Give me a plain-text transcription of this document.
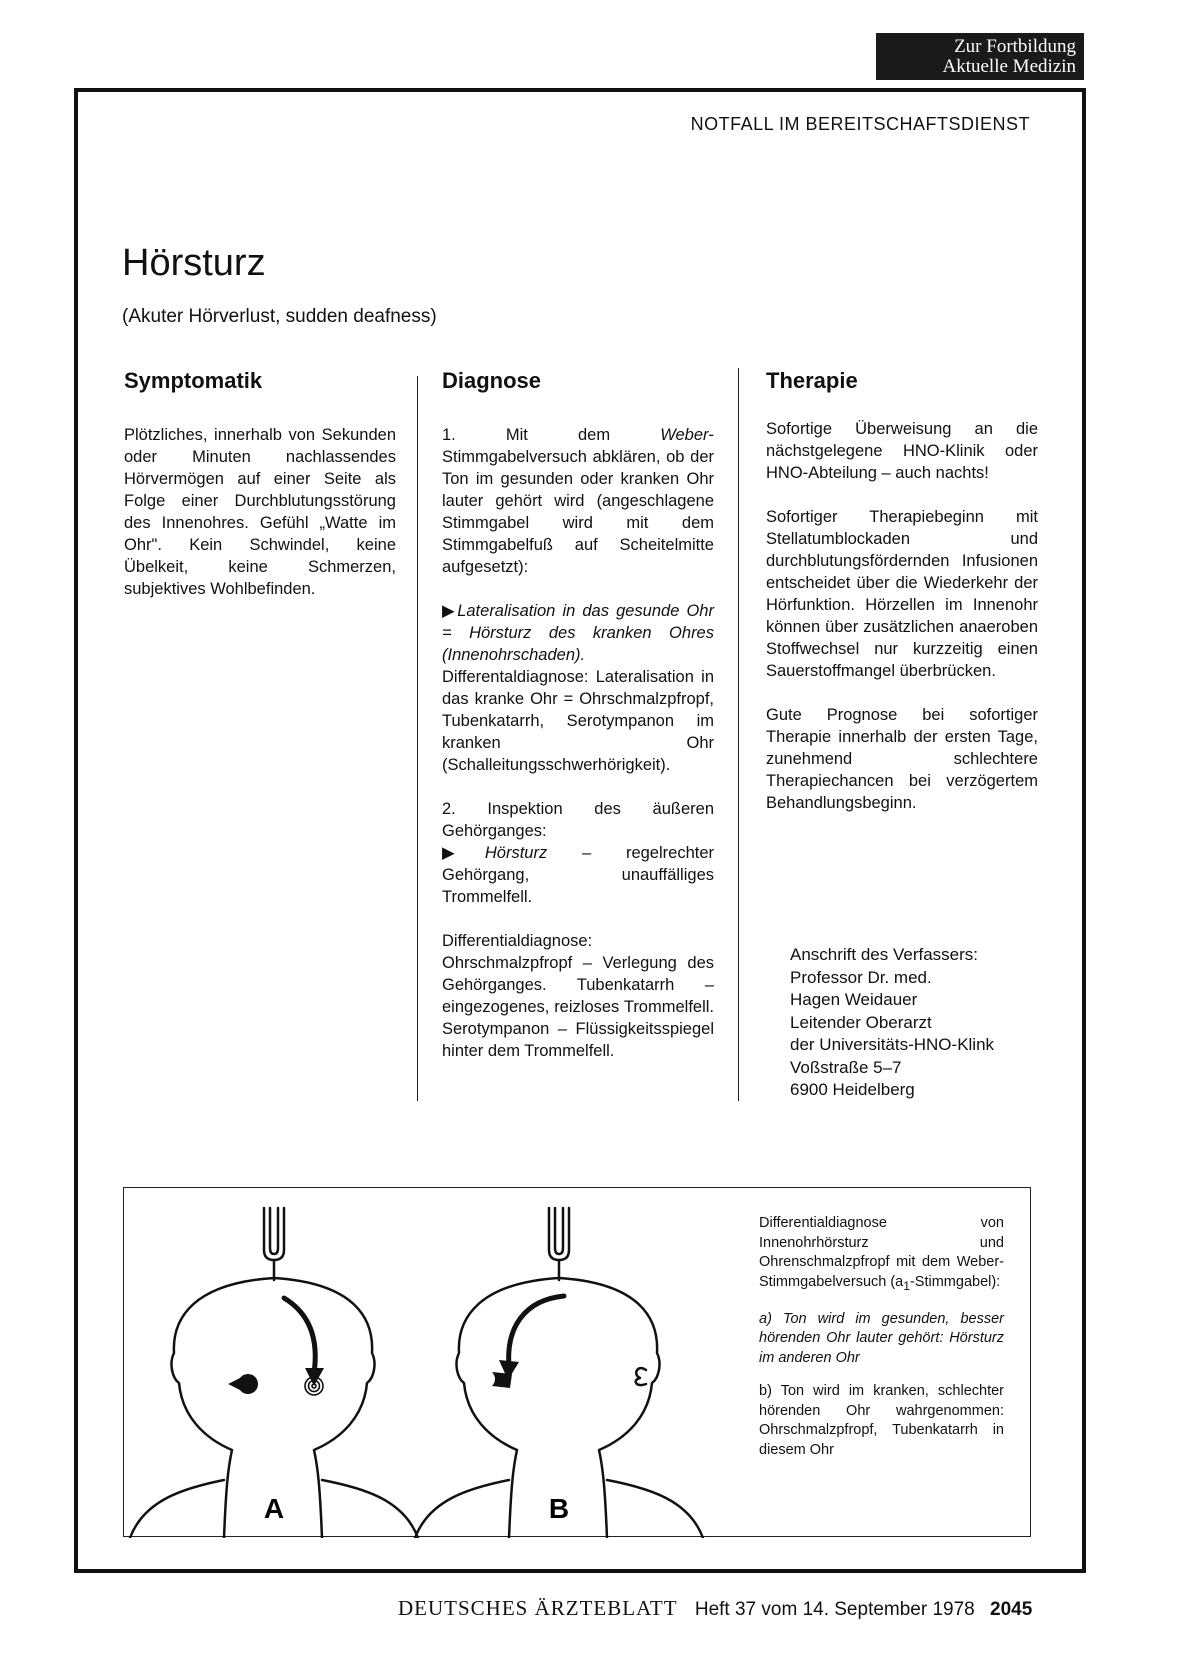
Zur Fortbildung
Aktuelle Medizin
NOTFALL IM BEREITSCHAFTSDIENST
Hörsturz
(Akuter Hörverlust, sudden deafness)
Symptomatik

Plötzliches, innerhalb von Sekunden oder Minuten nachlassendes Hörvermögen auf einer Seite als Folge einer Durchblutungsstörung des Innenohres. Gefühl „Watte im Ohr". Kein Schwindel, keine Übelkeit, keine Schmerzen, subjektives Wohlbefinden.

Diagnose

1. Mit dem Weber-Stimmgabelversuch abklären, ob der Ton im gesunden oder kranken Ohr lauter gehört wird (angeschlagene Stimmgabel wird mit dem Stimmgabelfuß auf Scheitelmitte aufgesetzt):

▶Lateralisation in das gesunde Ohr = Hörsturz des kranken Ohres (Innenohrschaden). Differentaldiagnose: Lateralisation in das kranke Ohr = Ohrschmalzpfropf, Tubenkatarrh, Serotympanon im kranken Ohr (Schalleitungsschwerhörigkeit).

2. Inspektion des äußeren Gehörganges:
▶Hörsturz – regelrechter Gehörgang, unauffälliges Trommelfell.

Differentialdiagnose: Ohrschmalzpfropf – Verlegung des Gehörganges. Tubenkatarrh – eingezogenes, reizloses Trommelfell. Serotympanon – Flüssigkeitsspiegel hinter dem Trommelfell.

Therapie

Sofortige Überweisung an die nächstgelegene HNO-Klinik oder HNO-Abteilung – auch nachts!

Sofortiger Therapiebeginn mit Stellatumblockaden und durchblutungsfördernden Infusionen entscheidet über die Wiederkehr der Hörfunktion. Hörzellen im Innenohr können über zusätzlichen anaeroben Stoffwechsel nur kurzzeitig einen Sauerstoffmangel überbrücken.

Gute Prognose bei sofortiger Therapie innerhalb der ersten Tage, zunehmend schlechtere Therapiechancen bei verzögertem Behandlungsbeginn.

Anschrift des Verfassers:
Professor Dr. med.
Hagen Weidauer
Leitender Oberarzt
der Universitäts-HNO-Klink
Voßstraße 5–7
6900 Heidelberg
A	B

Differentialdiagnose von Innenohrhörsturz und Ohrenschmalzpfropf mit dem Weber-Stimmgabelversuch $(a_1-Stimmgabel)$:

a) Ton wird im gesunden, besser hörenden Ohr lauter gehört: Hörsturz im anderen Ohr

b) Ton wird im kranken, schlechter hörenden Ohr wahrgenommen: Ohrschmalzpfropf, Tubenkatarrh in diesem Ohr

DEUTSCHES ÄRZTEBLATT Heft 37 vom 14. September 1978 2045
